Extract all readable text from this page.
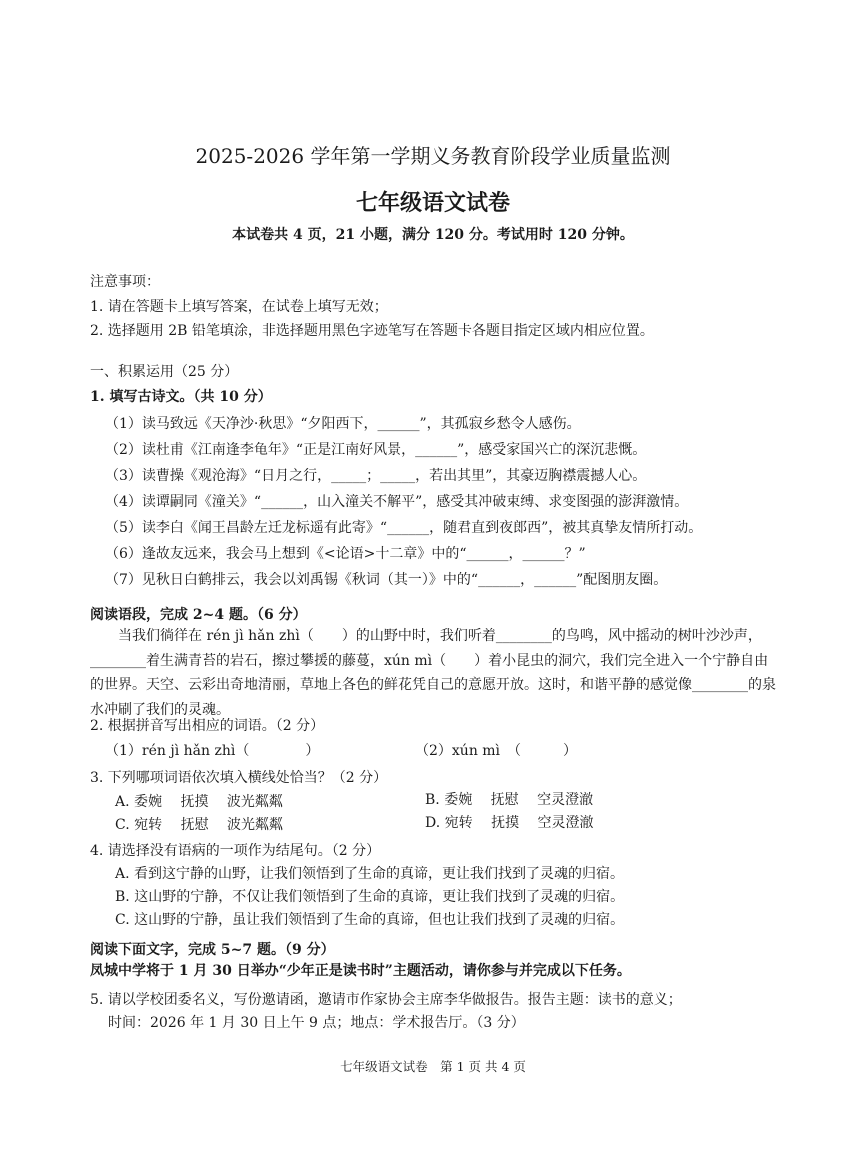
2025-2026 学年第一学期义务教育阶段学业质量监测
七年级语文试卷
本试卷共 4 页，21 小题，满分 120 分。考试用时 120 分钟。
注意事项：
1. 请在答题卡上填写答案，在试卷上填写无效；
2. 选择题用 2B 铅笔填涂，非选择题用黑色字迹笔写在答题卡各题目指定区域内相应位置。
一、积累运用（25 分）
1. 填写古诗文。（共 10 分）
（1）读马致远《天净沙·秋思》“夕阳西下，______”，其孤寂乡愁令人感伤。
（2）读杜甫《江南逢李龟年》“正是江南好风景，______”，感受家国兴亡的深沉悲慨。
（3）读曹操《观沧海》“日月之行，_____；_____，若出其里”，其豪迈胸襟震撼人心。
（4）读谭嗣同《潼关》“______，山入潼关不解平”，感受其冲破束缚、求变图强的澎湃激情。
（5）读李白《闻王昌龄左迁龙标遥有此寄》“______，随君直到夜郎西”，被其真挚友情所打动。
（6）逢故友远来，我会马上想到《<论语>十二章》中的“______，______？”
（7）见秋日白鹤排云，我会以刘禹锡《秋词（其一）》中的“______，______”配图朋友圈。
阅读语段，完成 2~4 题。（6 分）
当我们徜徉在 rén jì hǎn zhì（　　）的山野中时，我们听着________的鸟鸣，风中摇动的树叶沙沙声，________着生满青苔的岩石，擦过攀援的藤蔓，xún mì（　　）着小昆虫的洞穴，我们完全进入一个宁静自由的世界。天空、云彩出奇地清丽，草地上各色的鲜花凭自己的意愿开放。这时，和谐平静的感觉像________的泉水冲刷了我们的灵魂。
2. 根据拼音写出相应的词语。（2 分）
（1）rén jì hǎn zhì（　　　　）	（2）xún mì　（　　　）
3. 下列哪项词语依次填入横线处恰当？（2 分）
A. 委婉　 抚摸　 波光粼粼	B. 委婉　 抚慰　 空灵澄澈
C. 宛转　 抚慰　 波光粼粼	D. 宛转　 抚摸　 空灵澄澈
4. 请选择没有语病的一项作为结尾句。（2 分）
A. 看到这宁静的山野，让我们领悟到了生命的真谛，更让我们找到了灵魂的归宿。
B. 这山野的宁静，不仅让我们领悟到了生命的真谛，更让我们找到了灵魂的归宿。
C. 这山野的宁静，虽让我们领悟到了生命的真谛，但也让我们找到了灵魂的归宿。
阅读下面文字，完成 5~7 题。（9 分）
凤城中学将于 1 月 30 日举办“少年正是读书时”主题活动，请你参与并完成以下任务。
5. 请以学校团委名义，写份邀请函，邀请市作家协会主席李华做报告。报告主题：读书的意义；
时间：2026 年 1 月 30 日上午 9 点；地点：学术报告厅。（3 分）
七年级语文试卷　第 1 页 共 4 页
